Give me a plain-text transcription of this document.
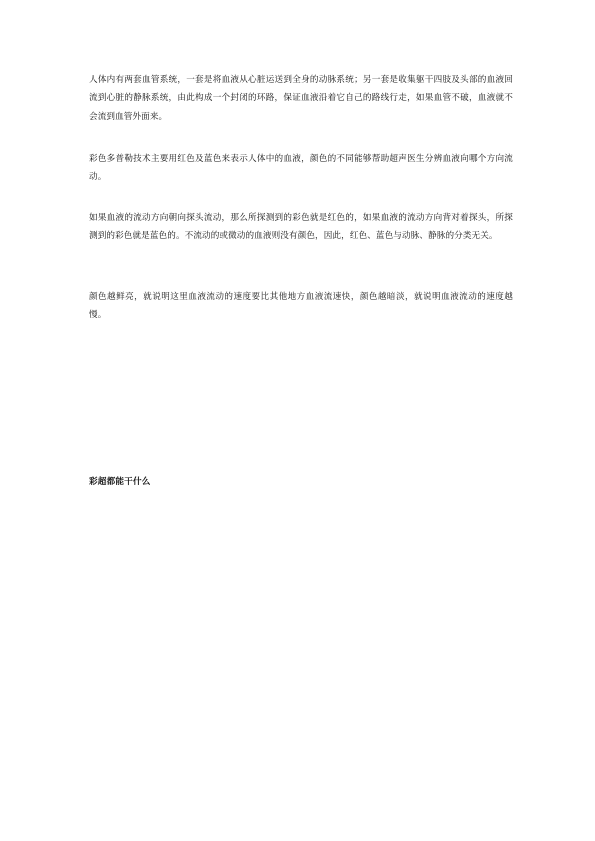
人体内有两套血管系统，一套是将血液从心脏运送到全身的动脉系统；另一套是收集躯干四肢及头部的血液回流到心脏的静脉系统，由此构成一个封闭的环路，保证血液沿着它自己的路线行走，如果血管不破，血液就不会流到血管外面来。

彩色多普勒技术主要用红色及蓝色来表示人体中的血液，颜色的不同能够帮助超声医生分辨血液向哪个方向流动。

如果血液的流动方向朝向探头流动，那么所探测到的彩色就是红色的，如果血液的流动方向背对着探头，所探测到的彩色就是蓝色的。不流动的或微动的血液则没有颜色，因此，红色、蓝色与动脉、静脉的分类无关。

颜色越鲜亮，就说明这里血液流动的速度要比其他地方血液流速快，颜色越暗淡，就说明血液流动的速度越慢。

彩超都能干什么
